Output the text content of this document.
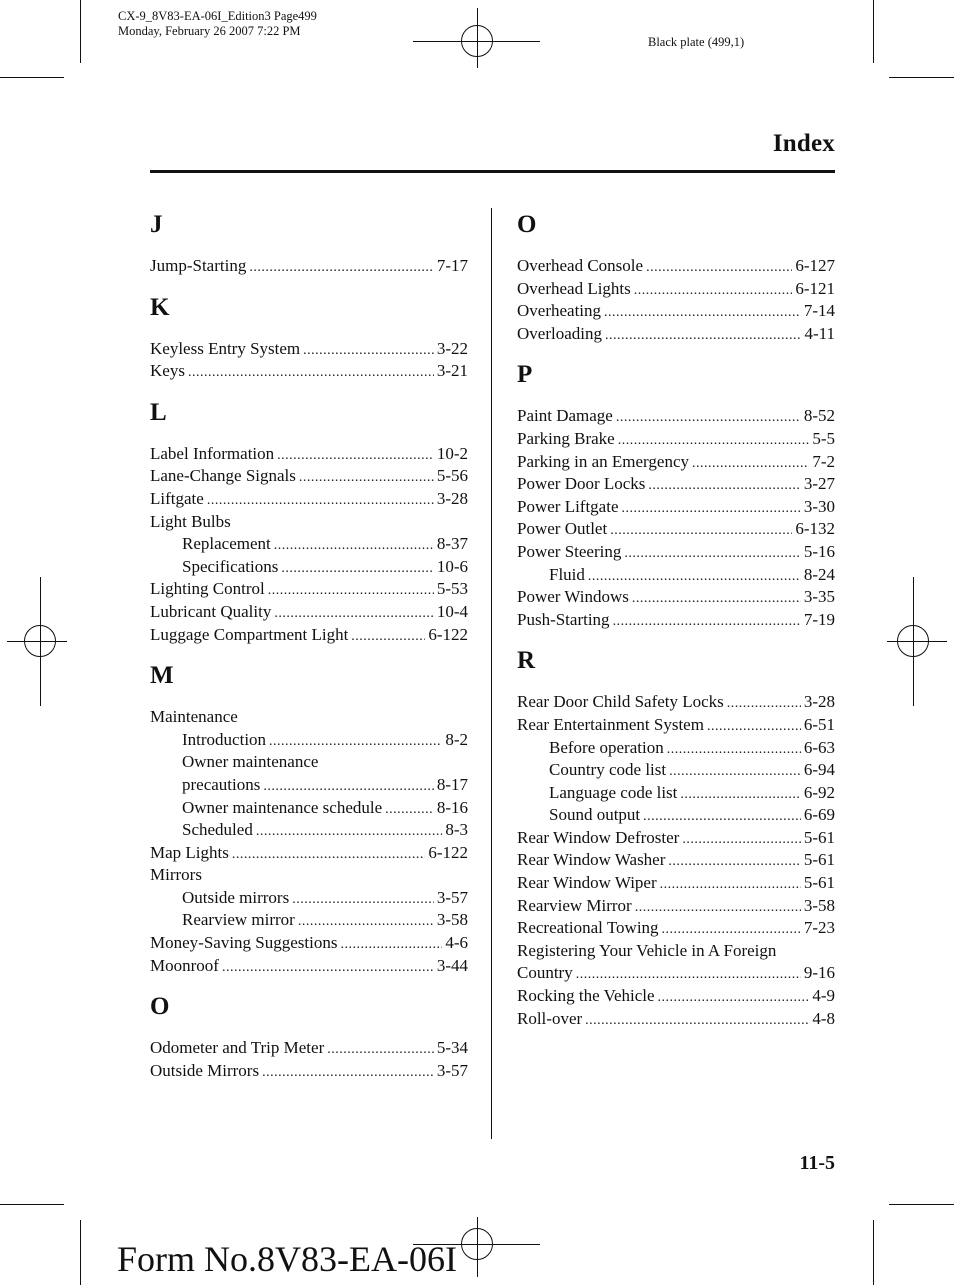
CX-9_8V83-EA-06I_Edition3 Page499
Monday, February 26 2007 7:22 PM
Black plate (499,1)
Index
J
Jump-Starting .....	7-17
K
Keyless Entry System .....	3-22
Keys .....	3-21
L
Label Information .....	10-2
Lane-Change Signals .....	5-56
Liftgate .....	3-28
Light Bulbs
Replacement .....	8-37
Specifications .....	10-6
Lighting Control .....	5-53
Lubricant Quality .....	10-4
Luggage Compartment Light .....	6-122
M
Maintenance
Introduction .....	8-2
Owner maintenance
precautions .....	8-17
Owner maintenance schedule .....	8-16
Scheduled .....	8-3
Map Lights .....	6-122
Mirrors
Outside mirrors .....	3-57
Rearview mirror .....	3-58
Money-Saving Suggestions .....	4-6
Moonroof .....	3-44
O
Odometer and Trip Meter .....	5-34
Outside Mirrors .....	3-57
O
Overhead Console .....	6-127
Overhead Lights .....	6-121
Overheating .....	7-14
Overloading .....	4-11
P
Paint Damage .....	8-52
Parking Brake .....	5-5
Parking in an Emergency .....	7-2
Power Door Locks .....	3-27
Power Liftgate .....	3-30
Power Outlet .....	6-132
Power Steering .....	5-16
Fluid .....	8-24
Power Windows .....	3-35
Push-Starting .....	7-19
R
Rear Door Child Safety Locks .....	3-28
Rear Entertainment System .....	6-51
Before operation .....	6-63
Country code list .....	6-94
Language code list .....	6-92
Sound output .....	6-69
Rear Window Defroster .....	5-61
Rear Window Washer .....	5-61
Rear Window Wiper .....	5-61
Rearview Mirror .....	3-58
Recreational Towing .....	7-23
Registering Your Vehicle in A Foreign
Country .....	9-16
Rocking the Vehicle .....	4-9
Roll-over .....	4-8
11-5
Form No.8V83-EA-06I
